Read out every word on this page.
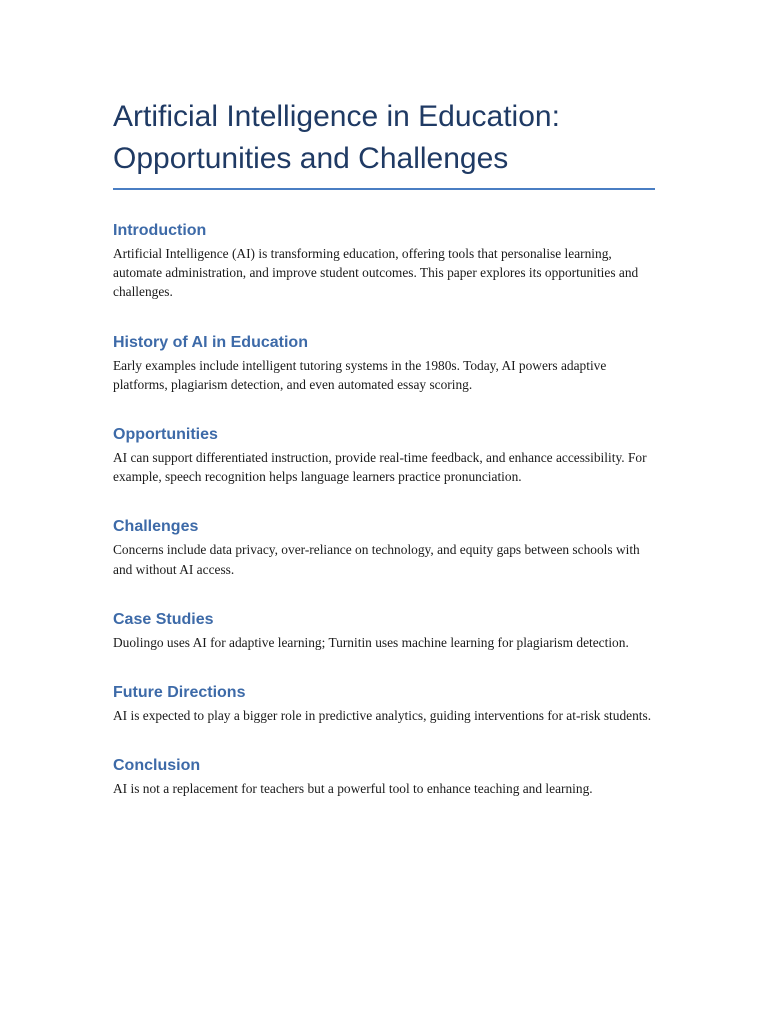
Artificial Intelligence in Education:
Opportunities and Challenges
Introduction

Artificial Intelligence (AI) is transforming education, offering tools that personalise learning, automate administration, and improve student outcomes. This paper explores its opportunities and challenges.

History of AI in Education

Early examples include intelligent tutoring systems in the 1980s. Today, AI powers adaptive platforms, plagiarism detection, and even automated essay scoring.

Opportunities

AI can support differentiated instruction, provide real-time feedback, and enhance accessibility. For example, speech recognition helps language learners practice pronunciation.

Challenges

Concerns include data privacy, over-reliance on technology, and equity gaps between schools with and without AI access.

Case Studies

Duolingo uses AI for adaptive learning; Turnitin uses machine learning for plagiarism detection.

Future Directions

AI is expected to play a bigger role in predictive analytics, guiding interventions for at-risk students.

Conclusion

AI is not a replacement for teachers but a powerful tool to enhance teaching and learning.
